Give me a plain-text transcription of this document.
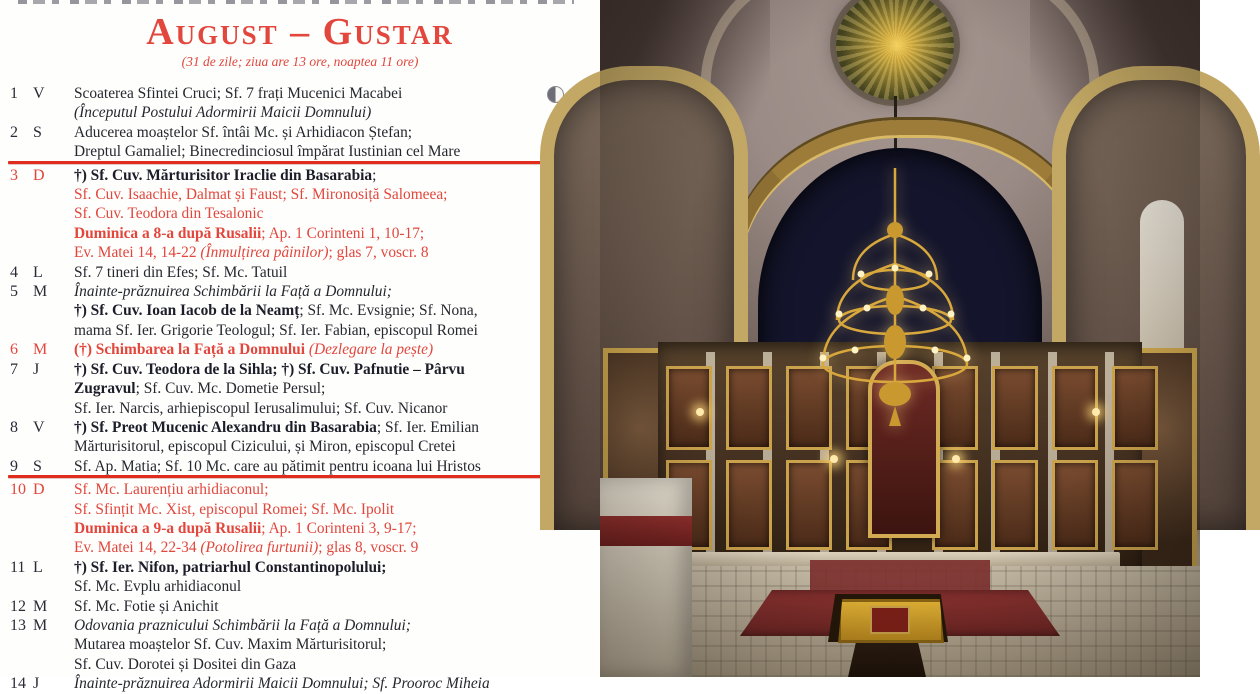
August – Gustar
(31 de zile; ziua are 13 ore, noaptea 11 ore)
1 V	Scoaterea Sfintei Cruci; Sf. 7 frați Mucenici Macabei
(Începutul Postului Adormirii Maicii Domnului)
2 S	Aducerea moaștelor Sf. întâi Mc. și Arhidiacon Ștefan;
Dreptul Gamaliel; Binecredinciosul împărat Iustinian cel Mare
3 D	†) Sf. Cuv. Mărturisitor Iraclie din Basarabia;
Sf. Cuv. Isaachie, Dalmat și Faust; Sf. Mironosiță Salomeea;
Sf. Cuv. Teodora din Tesalonic
Duminica a 8-a după Rusalii; Ap. 1 Corinteni 1, 10-17;
Ev. Matei 14, 14-22 (Înmulțirea pâinilor); glas 7, voscr. 8
4 L	Sf. 7 tineri din Efes; Sf. Mc. Tatuil
5 M	Înainte-prăznuirea Schimbării la Față a Domnului;
†) Sf. Cuv. Ioan Iacob de la Neamț; Sf. Mc. Evsignie; Sf. Nona,
mama Sf. Ier. Grigorie Teologul; Sf. Ier. Fabian, episcopul Romei
6 M	(†) Schimbarea la Față a Domnului (Dezlegare la pește)
7 J	†) Sf. Cuv. Teodora de la Sihla; †) Sf. Cuv. Pafnutie – Pârvu
Zugravul; Sf. Cuv. Mc. Dometie Persul;
Sf. Ier. Narcis, arhiepiscopul Ierusalimului; Sf. Cuv. Nicanor
8 V	†) Sf. Preot Mucenic Alexandru din Basarabia; Sf. Ier. Emilian
Mărturisitorul, episcopul Cizicului, și Miron, episcopul Cretei
9 S	Sf. Ap. Matia; Sf. 10 Mc. care au pătimit pentru icoana lui Hristos
10 D	Sf. Mc. Laurențiu arhidiaconul;
Sf. Sfințit Mc. Xist, episcopul Romei; Sf. Mc. Ipolit
Duminica a 9-a după Rusalii; Ap. 1 Corinteni 3, 9-17;
Ev. Matei 14, 22-34 (Potolirea furtunii); glas 8, voscr. 9
11 L	†) Sf. Ier. Nifon, patriarhul Constantinopolului;
Sf. Mc. Evplu arhidiaconul
12 M	Sf. Mc. Fotie și Anichit
13 M	Odovania praznicului Schimbării la Față a Domnului;
Mutarea moaștelor Sf. Cuv. Maxim Mărturisitorul;
Sf. Cuv. Dorotei și Dositei din Gaza
14 J	Înainte-prăznuirea Adormirii Maicii Domnului; Sf. Prooroc Miheia
